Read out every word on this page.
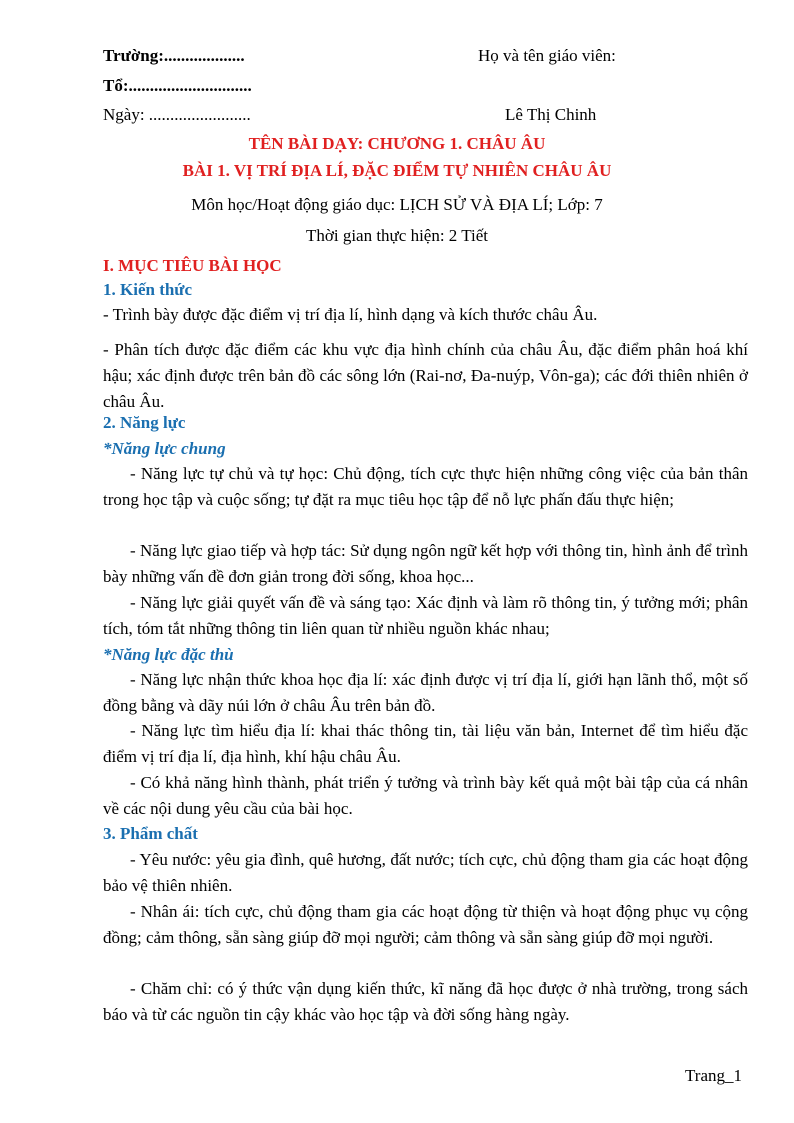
Trường:...................	Họ và tên giáo viên:
Tổ:.............................
Ngày: ........................	Lê Thị Chinh
TÊN BÀI DẠY: CHƯƠNG 1. CHÂU ÂU
BÀI 1. VỊ TRÍ ĐỊA LÍ, ĐẶC ĐIỂM TỰ NHIÊN CHÂU ÂU
Môn học/Hoạt động giáo dục: LỊCH SỬ VÀ ĐỊA LÍ; Lớp: 7
Thời gian thực hiện: 2 Tiết
I. MỤC TIÊU BÀI HỌC
1. Kiến thức
- Trình bày được đặc điểm vị trí địa lí, hình dạng và kích thước châu Âu.
- Phân tích được đặc điểm các khu vực địa hình chính của châu Âu, đặc điểm phân hoá khí hậu; xác định được trên bản đồ các sông lớn (Rai-nơ, Đa-nuýp, Vôn-ga); các đới thiên nhiên ở châu Âu.
2. Năng lực
*Năng lực chung
- Năng lực tự chủ và tự học: Chủ động, tích cực thực hiện những công việc của bản thân trong học tập và cuộc sống; tự đặt ra mục tiêu học tập để nỗ lực phấn đấu thực hiện;
- Năng lực giao tiếp và hợp tác: Sử dụng ngôn ngữ kết hợp với thông tin, hình ảnh để trình bày những vấn đề đơn giản trong đời sống, khoa học...
- Năng lực giải quyết vấn đề và sáng tạo: Xác định và làm rõ thông tin, ý tưởng mới; phân tích, tóm tắt những thông tin liên quan từ nhiều nguồn khác nhau;
*Năng lực đặc thù
- Năng lực nhận thức khoa học địa lí: xác định được vị trí địa lí, giới hạn lãnh thổ, một số đồng bằng và dãy núi lớn ở châu Âu trên bản đồ.
- Năng lực tìm hiểu địa lí: khai thác thông tin, tài liệu văn bản, Internet để tìm hiểu đặc điểm vị trí địa lí, địa hình, khí hậu châu Âu.
- Có khả năng hình thành, phát triển ý tưởng và trình bày kết quả một bài tập của cá nhân về các nội dung yêu cầu của bài học.
3. Phẩm chất
- Yêu nước: yêu gia đình, quê hương, đất nước; tích cực, chủ động tham gia các hoạt động bảo vệ thiên nhiên.
- Nhân ái: tích cực, chủ động tham gia các hoạt động từ thiện và hoạt động phục vụ cộng đồng; cảm thông, sẵn sàng giúp đỡ mọi người; cảm thông và sẵn sàng giúp đỡ mọi người.
- Chăm chỉ: có ý thức vận dụng kiến thức, kĩ năng đã học được ở nhà trường, trong sách báo và từ các nguồn tin cậy khác vào học tập và đời sống hàng ngày.
Trang_1
